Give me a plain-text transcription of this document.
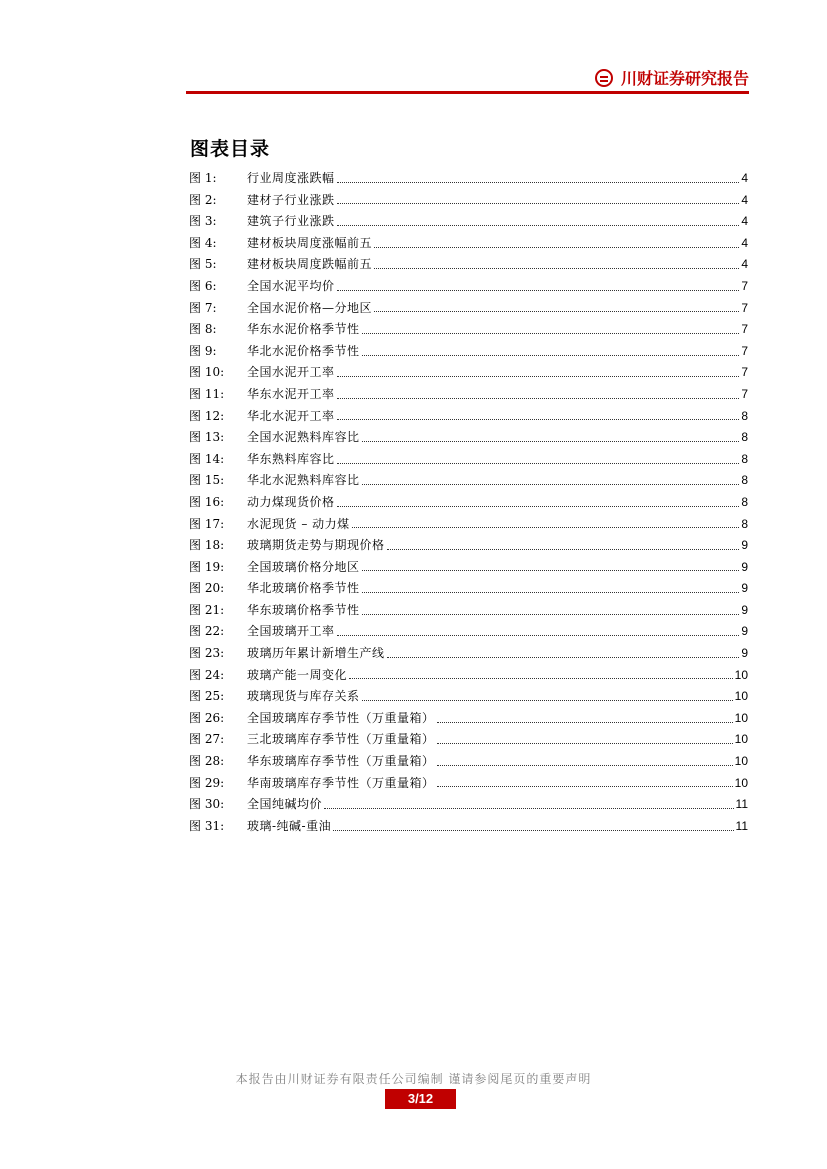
川财证券研究报告
图表目录
图 1:	行业周度涨跌幅	4
图 2:	建材子行业涨跌	4
图 3:	建筑子行业涨跌	4
图 4:	建材板块周度涨幅前五	4
图 5:	建材板块周度跌幅前五	4
图 6:	全国水泥平均价	7
图 7:	全国水泥价格—分地区	7
图 8:	华东水泥价格季节性	7
图 9:	华北水泥价格季节性	7
图 10:	全国水泥开工率	7
图 11:	华东水泥开工率	7
图 12:	华北水泥开工率	8
图 13:	全国水泥熟料库容比	8
图 14:	华东熟料库容比	8
图 15:	华北水泥熟料库容比	8
图 16:	动力煤现货价格	8
图 17:	水泥现货 – 动力煤	8
图 18:	玻璃期货走势与期现价格	9
图 19:	全国玻璃价格分地区	9
图 20:	华北玻璃价格季节性	9
图 21:	华东玻璃价格季节性	9
图 22:	全国玻璃开工率	9
图 23:	玻璃历年累计新增生产线	9
图 24:	玻璃产能一周变化	10
图 25:	玻璃现货与库存关系	10
图 26:	全国玻璃库存季节性（万重量箱）	10
图 27:	三北玻璃库存季节性（万重量箱）	10
图 28:	华东玻璃库存季节性（万重量箱）	10
图 29:	华南玻璃库存季节性（万重量箱）	10
图 30:	全国纯碱均价	11
图 31:	玻璃-纯碱-重油	11
本报告由川财证券有限责任公司编制 谨请参阅尾页的重要声明
3/12
